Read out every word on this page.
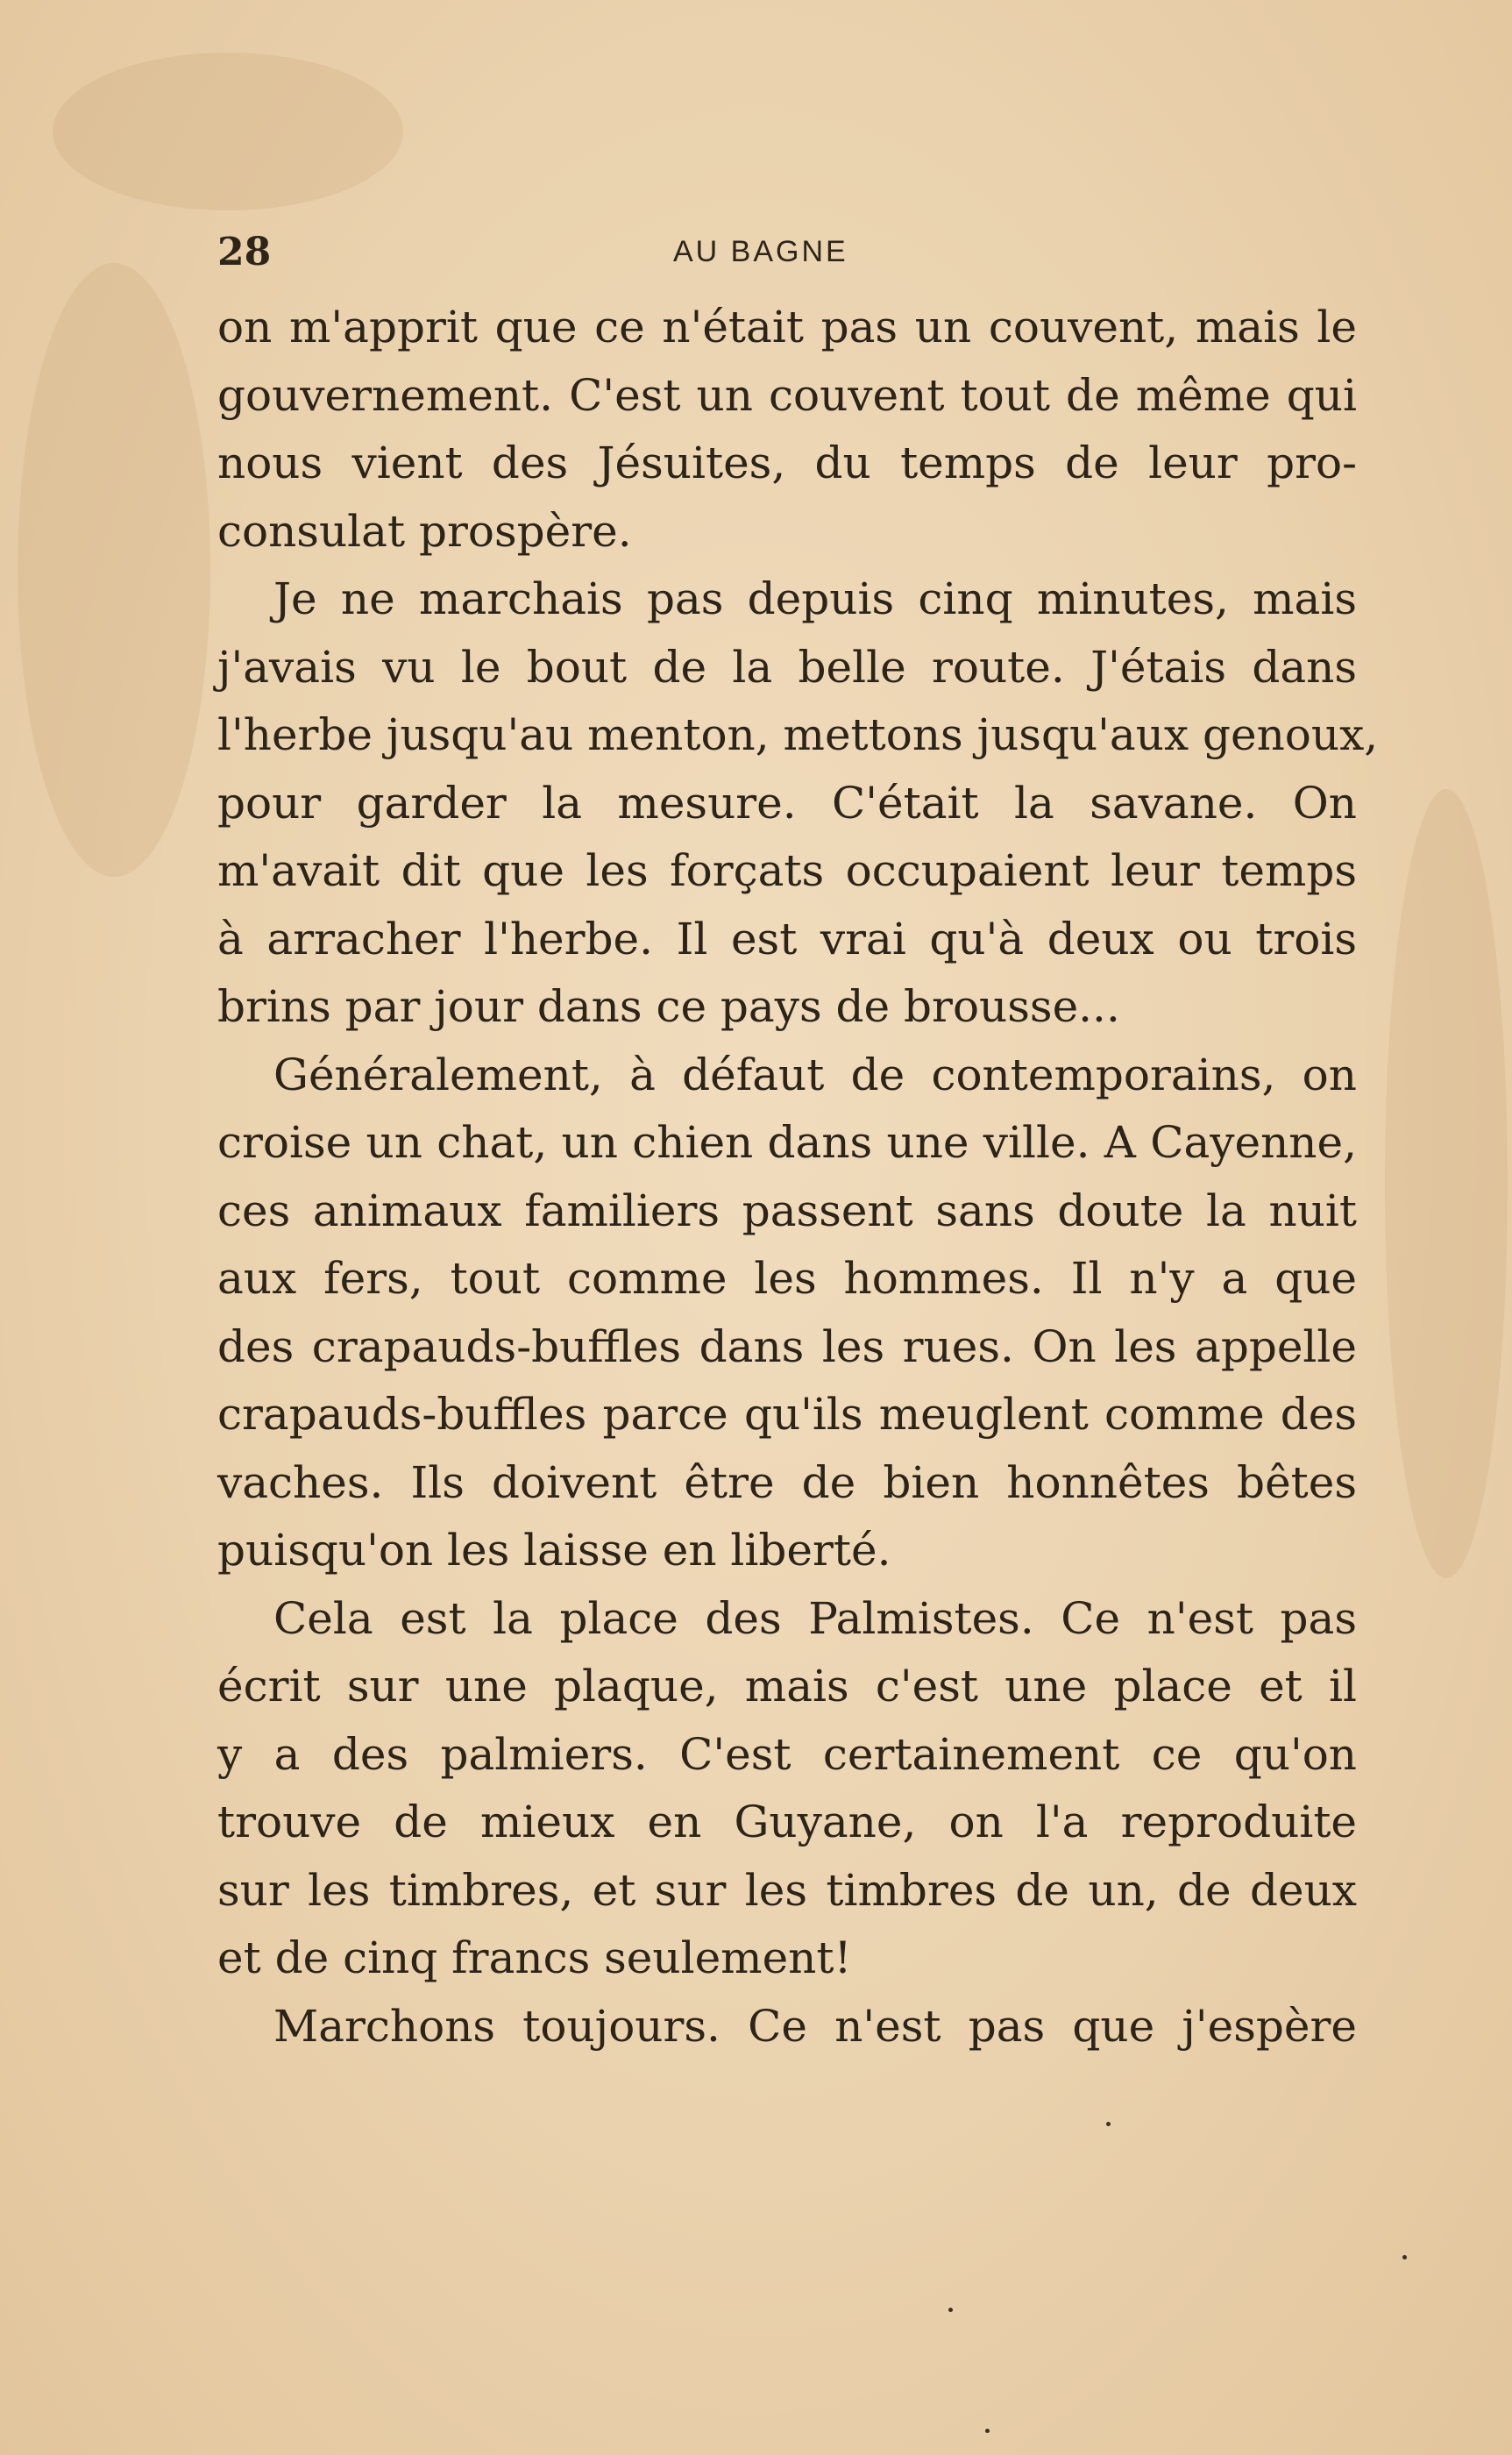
28	AU BAGNE
on m'apprit que ce n'était pas un couvent, mais le
gouvernement. C'est un couvent tout de même qui
nous vient des Jésuites, du temps de leur pro-
consulat prospère.
Je ne marchais pas depuis cinq minutes, mais
j'avais vu le bout de la belle route. J'étais dans
l'herbe jusqu'au menton, mettons jusqu'aux genoux,
pour garder la mesure. C'était la savane. On
m'avait dit que les forçats occupaient leur temps
à arracher l'herbe. Il est vrai qu'à deux ou trois
brins par jour dans ce pays de brousse...
Généralement, à défaut de contemporains, on
croise un chat, un chien dans une ville. A Cayenne,
ces animaux familiers passent sans doute la nuit
aux fers, tout comme les hommes. Il n'y a que
des crapauds-buffles dans les rues. On les appelle
crapauds-buffles parce qu'ils meuglent comme des
vaches. Ils doivent être de bien honnêtes bêtes
puisqu'on les laisse en liberté.
Cela est la place des Palmistes. Ce n'est pas
écrit sur une plaque, mais c'est une place et il
y a des palmiers. C'est certainement ce qu'on
trouve de mieux en Guyane, on l'a reproduite
sur les timbres, et sur les timbres de un, de deux
et de cinq francs seulement!
Marchons toujours. Ce n'est pas que j'espère
